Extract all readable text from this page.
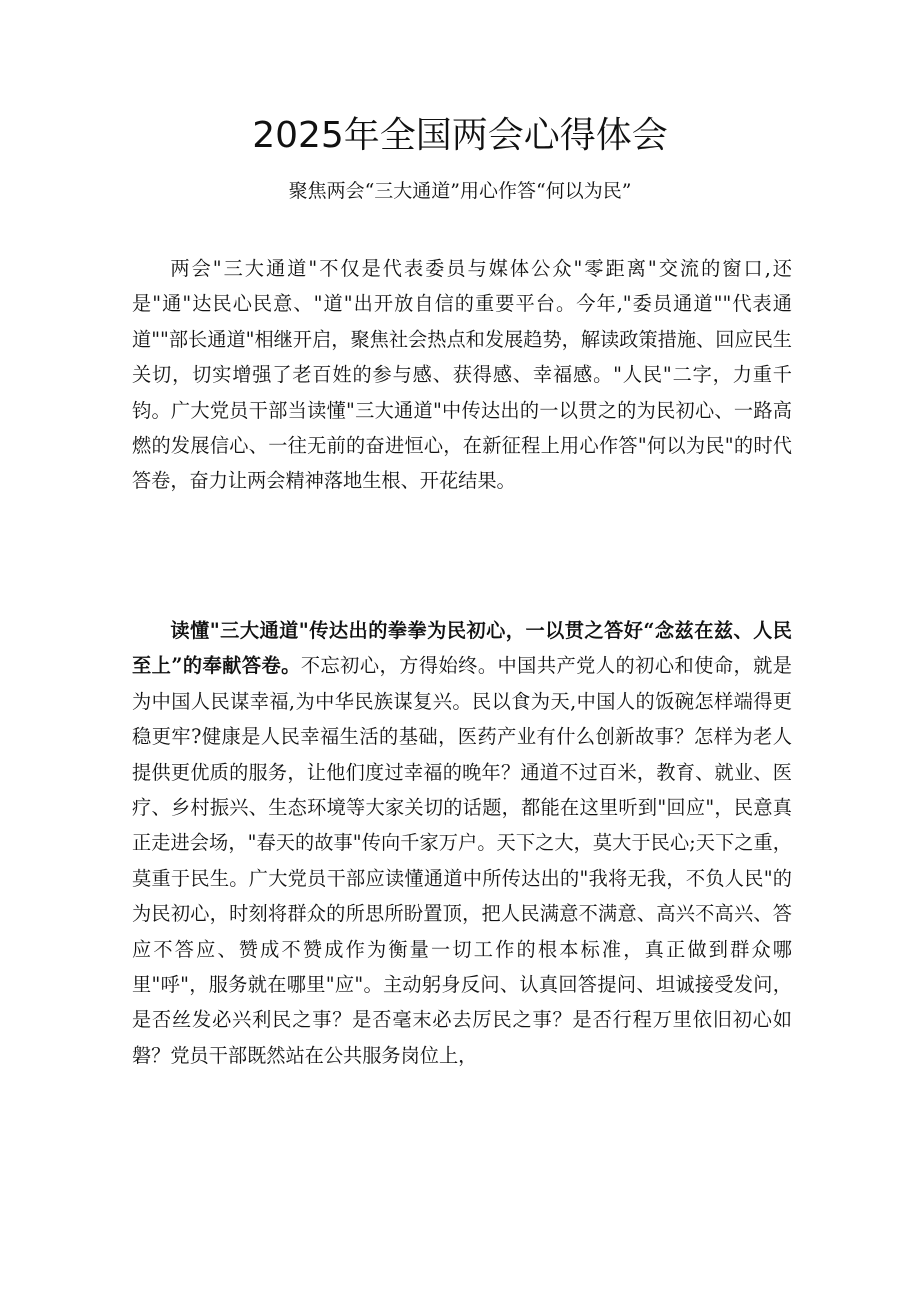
2025年全国两会心得体会

聚焦两会“三大通道”用心作答“何以为民”

两会"三大通道"不仅是代表委员与媒体公众"零距离"交流的窗口,还是"通"达民心民意、"道"出开放自信的重要平台。今年,"委员通道""代表通道""部长通道"相继开启，聚焦社会热点和发展趋势，解读政策措施、回应民生关切，切实增强了老百姓的参与感、获得感、幸福感。"人民"二字，力重千钧。广大党员干部当读懂"三大通道"中传达出的一以贯之的为民初心、一路高燃的发展信心、一往无前的奋进恒心，在新征程上用心作答"何以为民"的时代答卷，奋力让两会精神落地生根、开花结果。

读懂"三大通道"传达出的拳拳为民初心，一以贯之答好“念兹在兹、人民至上”的奉献答卷。不忘初心，方得始终。中国共产党人的初心和使命，就是为中国人民谋幸福,为中华民族谋复兴。民以食为天,中国人的饭碗怎样端得更稳更牢?健康是人民幸福生活的基础，医药产业有什么创新故事？怎样为老人提供更优质的服务，让他们度过幸福的晚年？通道不过百米，教育、就业、医疗、乡村振兴、生态环境等大家关切的话题，都能在这里听到"回应"，民意真正走进会场，"春天的故事"传向千家万户。天下之大，莫大于民心;天下之重，莫重于民生。广大党员干部应读懂通道中所传达出的"我将无我，不负人民"的为民初心，时刻将群众的所思所盼置顶，把人民满意不满意、高兴不高兴、答应不答应、赞成不赞成作为衡量一切工作的根本标准，真正做到群众哪里"呼"，服务就在哪里"应"。主动躬身反问、认真回答提问、坦诚接受发问，是否丝发必兴利民之事？是否毫末必去厉民之事？是否行程万里依旧初心如磐？党员干部既然站在公共服务岗位上，
